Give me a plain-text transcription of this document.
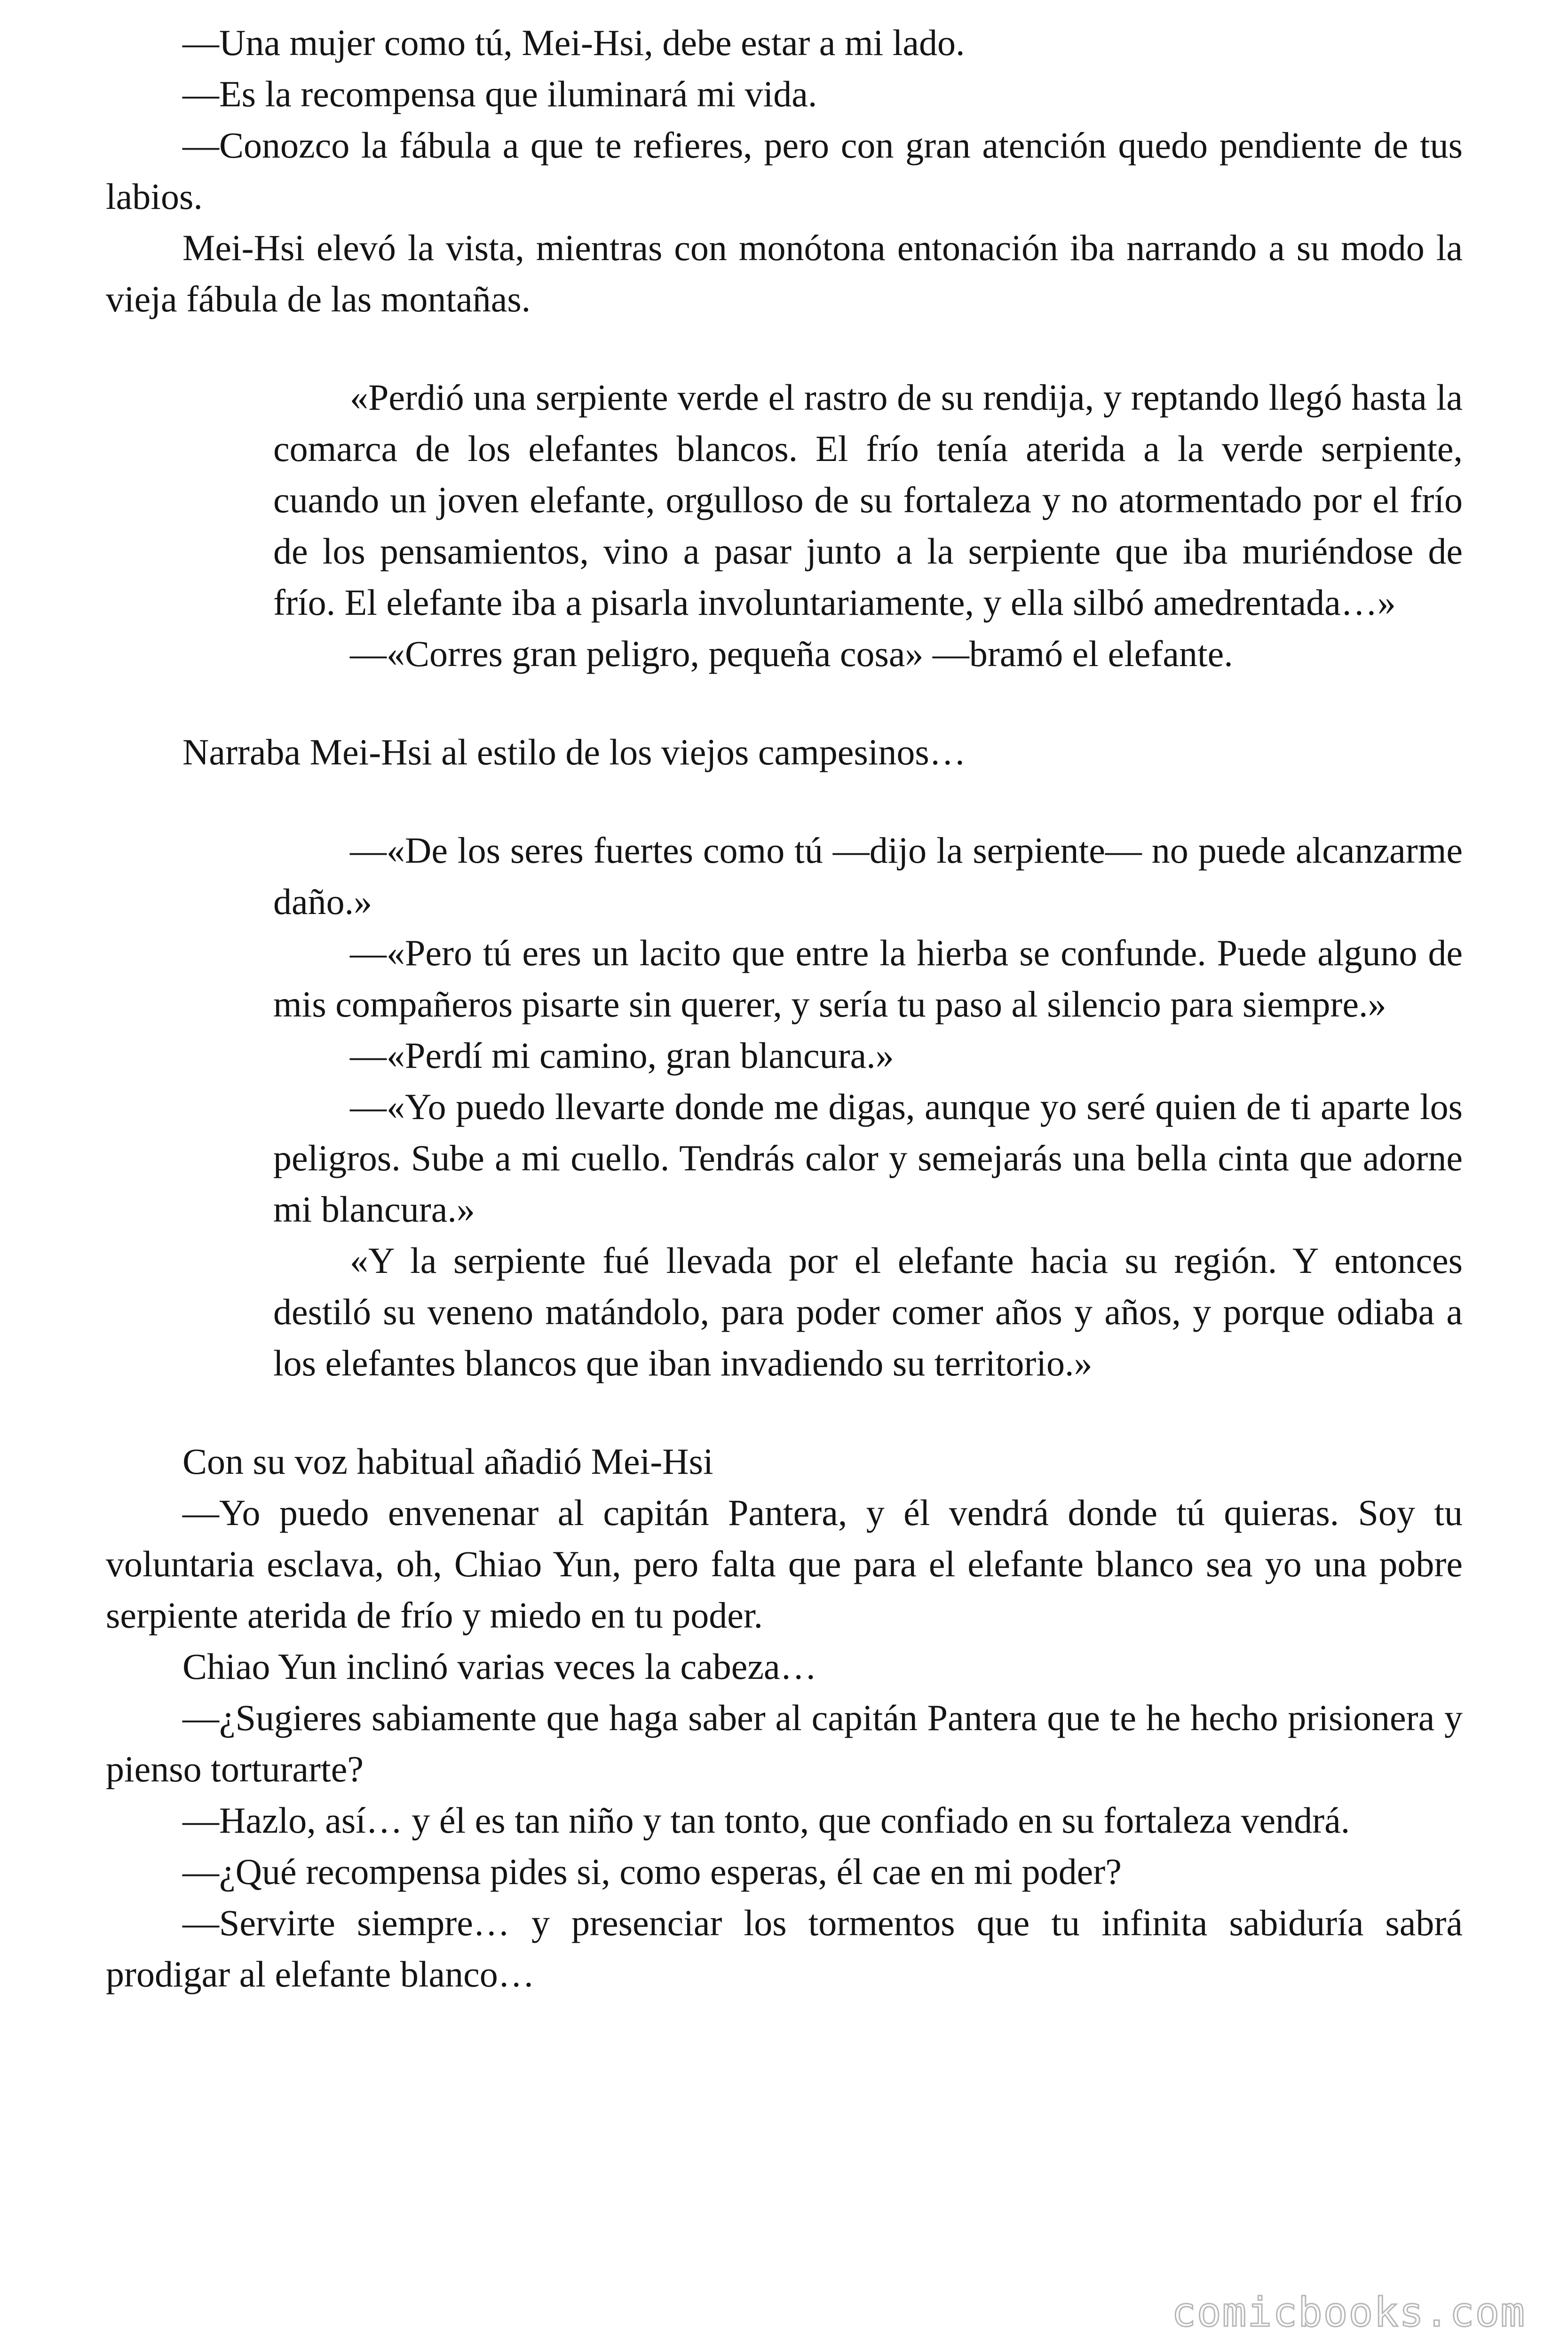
—Una mujer como tú, Mei-Hsi, debe estar a mi lado.

—Es la recompensa que iluminará mi vida.

—Conozco la fábula a que te refieres, pero con gran atención quedo pendiente de tus labios.

Mei-Hsi elevó la vista, mientras con monótona entonación iba narrando a su modo la vieja fábula de las montañas.

«Perdió una serpiente verde el rastro de su rendija, y reptando llegó hasta la comarca de los elefantes blancos. El frío tenía aterida a la verde serpiente, cuando un joven elefante, orgulloso de su fortaleza y no atormentado por el frío de los pensamientos, vino a pasar junto a la serpiente que iba muriéndose de frío. El elefante iba a pisarla involuntariamente, y ella silbó amedrentada…»

—«Corres gran peligro, pequeña cosa» —bramó el elefante.

Narraba Mei-Hsi al estilo de los viejos campesinos…

—«De los seres fuertes como tú —dijo la serpiente— no puede alcanzarme daño.»

—«Pero tú eres un lacito que entre la hierba se confunde. Puede alguno de mis compañeros pisarte sin querer, y sería tu paso al silencio para siempre.»

—«Perdí mi camino, gran blancura.»

—«Yo puedo llevarte donde me digas, aunque yo seré quien de ti aparte los peligros. Sube a mi cuello. Tendrás calor y semejarás una bella cinta que adorne mi blancura.»

«Y la serpiente fué llevada por el elefante hacia su región. Y entonces destiló su veneno matándolo, para poder comer años y años, y porque odiaba a los elefantes blancos que iban invadiendo su territorio.»

Con su voz habitual añadió Mei-Hsi

—Yo puedo envenenar al capitán Pantera, y él vendrá donde tú quieras. Soy tu voluntaria esclava, oh, Chiao Yun, pero falta que para el elefante blanco sea yo una pobre serpiente aterida de frío y miedo en tu poder.

Chiao Yun inclinó varias veces la cabeza…

—¿Sugieres sabiamente que haga saber al capitán Pantera que te he hecho prisionera y pienso torturarte?

—Hazlo, así… y él es tan niño y tan tonto, que confiado en su fortaleza vendrá.

—¿Qué recompensa pides si, como esperas, él cae en mi poder?

—Servirte siempre… y presenciar los tormentos que tu infinita sabiduría sabrá prodigar al elefante blanco…

comicbooks.com
